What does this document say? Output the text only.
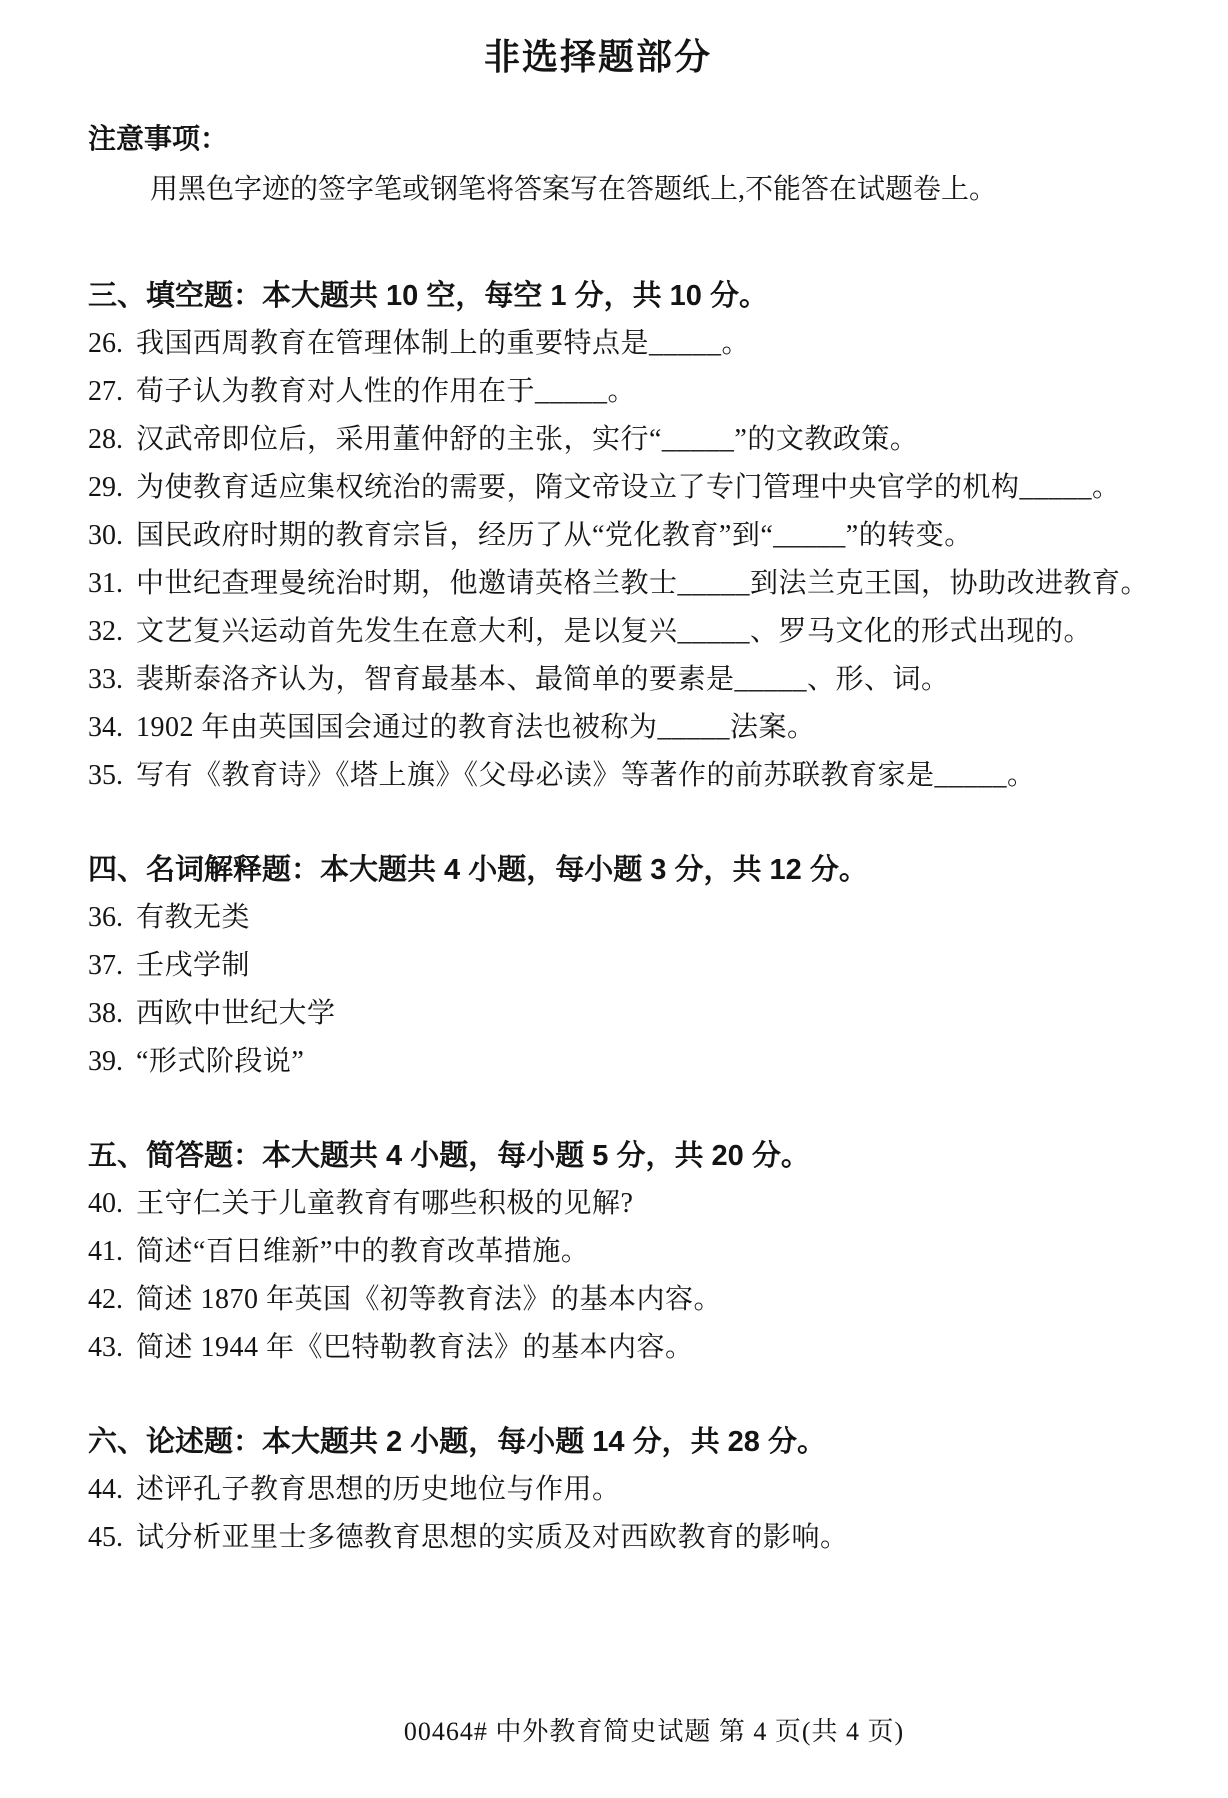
非选择题部分
注意事项：
用黑色字迹的签字笔或钢笔将答案写在答题纸上,不能答在试题卷上。
三、填空题：本大题共 10 空，每空 1 分，共 10 分。
26. 我国西周教育在管理体制上的重要特点是_____。
27. 荀子认为教育对人性的作用在于_____。
28. 汉武帝即位后，采用董仲舒的主张，实行“_____”的文教政策。
29. 为使教育适应集权统治的需要，隋文帝设立了专门管理中央官学的机构_____。
30. 国民政府时期的教育宗旨，经历了从“党化教育”到“_____”的转变。
31. 中世纪查理曼统治时期，他邀请英格兰教士_____到法兰克王国，协助改进教育。
32. 文艺复兴运动首先发生在意大利，是以复兴_____、罗马文化的形式出现的。
33. 裴斯泰洛齐认为，智育最基本、最简单的要素是_____、形、词。
34. 1902 年由英国国会通过的教育法也被称为_____法案。
35. 写有《教育诗》《塔上旗》《父母必读》等著作的前苏联教育家是_____。
四、名词解释题：本大题共 4 小题，每小题 3 分，共 12 分。
36. 有教无类
37. 壬戌学制
38. 西欧中世纪大学
39. “形式阶段说”
五、简答题：本大题共 4 小题，每小题 5 分，共 20 分。
40. 王守仁关于儿童教育有哪些积极的见解?
41. 简述“百日维新”中的教育改革措施。
42. 简述 1870 年英国《初等教育法》的基本内容。
43. 简述 1944 年《巴特勒教育法》的基本内容。
六、论述题：本大题共 2 小题，每小题 14 分，共 28 分。
44. 述评孔子教育思想的历史地位与作用。
45. 试分析亚里士多德教育思想的实质及对西欧教育的影响。
00464# 中外教育简史试题 第 4 页(共 4 页)
